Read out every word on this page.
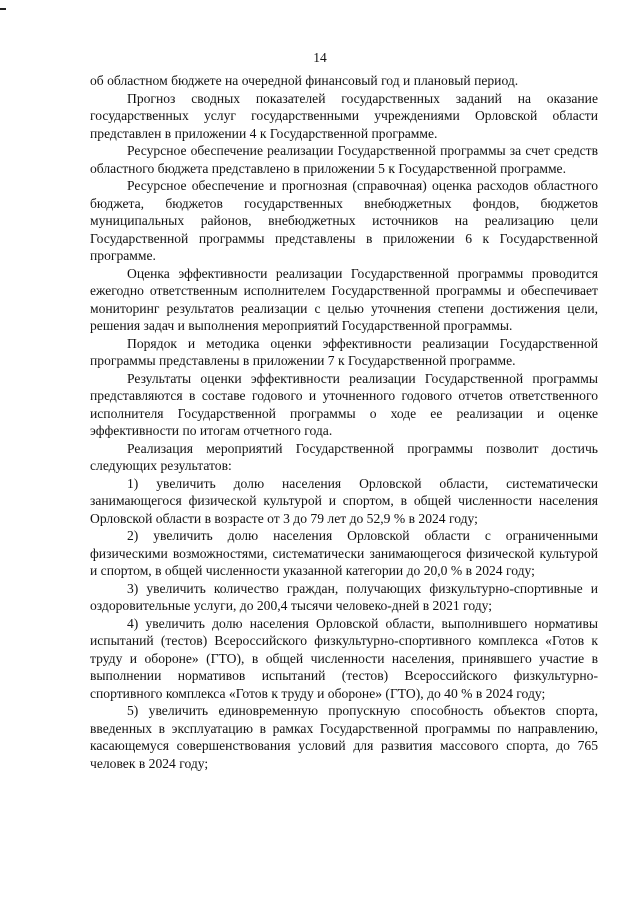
14

об областном бюджете на очередной финансовый год и плановый период.

Прогноз сводных показателей государственных заданий на оказание государственных услуг государственными учреждениями Орловской области представлен в приложении 4 к Государственной программе.

Ресурсное обеспечение реализации Государственной программы за счет средств областного бюджета представлено в приложении 5 к Государственной программе.

Ресурсное обеспечение и прогнозная (справочная) оценка расходов областного бюджета, бюджетов государственных внебюджетных фондов, бюджетов муниципальных районов, внебюджетных источников на реализацию цели Государственной программы представлены в приложении 6 к Государственной программе.

Оценка эффективности реализации Государственной программы проводится ежегодно ответственным исполнителем Государственной программы и обеспечивает мониторинг результатов реализации с целью уточнения степени достижения цели, решения задач и выполнения мероприятий Государственной программы.

Порядок и методика оценки эффективности реализации Государственной программы представлены в приложении 7 к Государственной программе.

Результаты оценки эффективности реализации Государственной программы представляются в составе годового и уточненного годового отчетов ответственного исполнителя Государственной программы о ходе ее реализации и оценке эффективности по итогам отчетного года.

Реализация мероприятий Государственной программы позволит достичь следующих результатов:

1) увеличить долю населения Орловской области, систематически занимающегося физической культурой и спортом, в общей численности населения Орловской области в возрасте от 3 до 79 лет до 52,9 % в 2024 году;

2) увеличить долю населения Орловской области с ограниченными физическими возможностями, систематически занимающегося физической культурой и спортом, в общей численности указанной категории до 20,0 % в 2024 году;

3) увеличить количество граждан, получающих физкультурно-спортивные и оздоровительные услуги, до 200,4 тысячи человеко-дней в 2021 году;

4) увеличить долю населения Орловской области, выполнившего нормативы испытаний (тестов) Всероссийского физкультурно-спортивного комплекса «Готов к труду и обороне» (ГТО), в общей численности населения, принявшего участие в выполнении нормативов испытаний (тестов) Всероссийского физкультурно-спортивного комплекса «Готов к труду и обороне» (ГТО), до 40 % в 2024 году;

5) увеличить единовременную пропускную способность объектов спорта, введенных в эксплуатацию в рамках Государственной программы по направлению, касающемуся совершенствования условий для развития массового спорта, до 765 человек в 2024 году;
